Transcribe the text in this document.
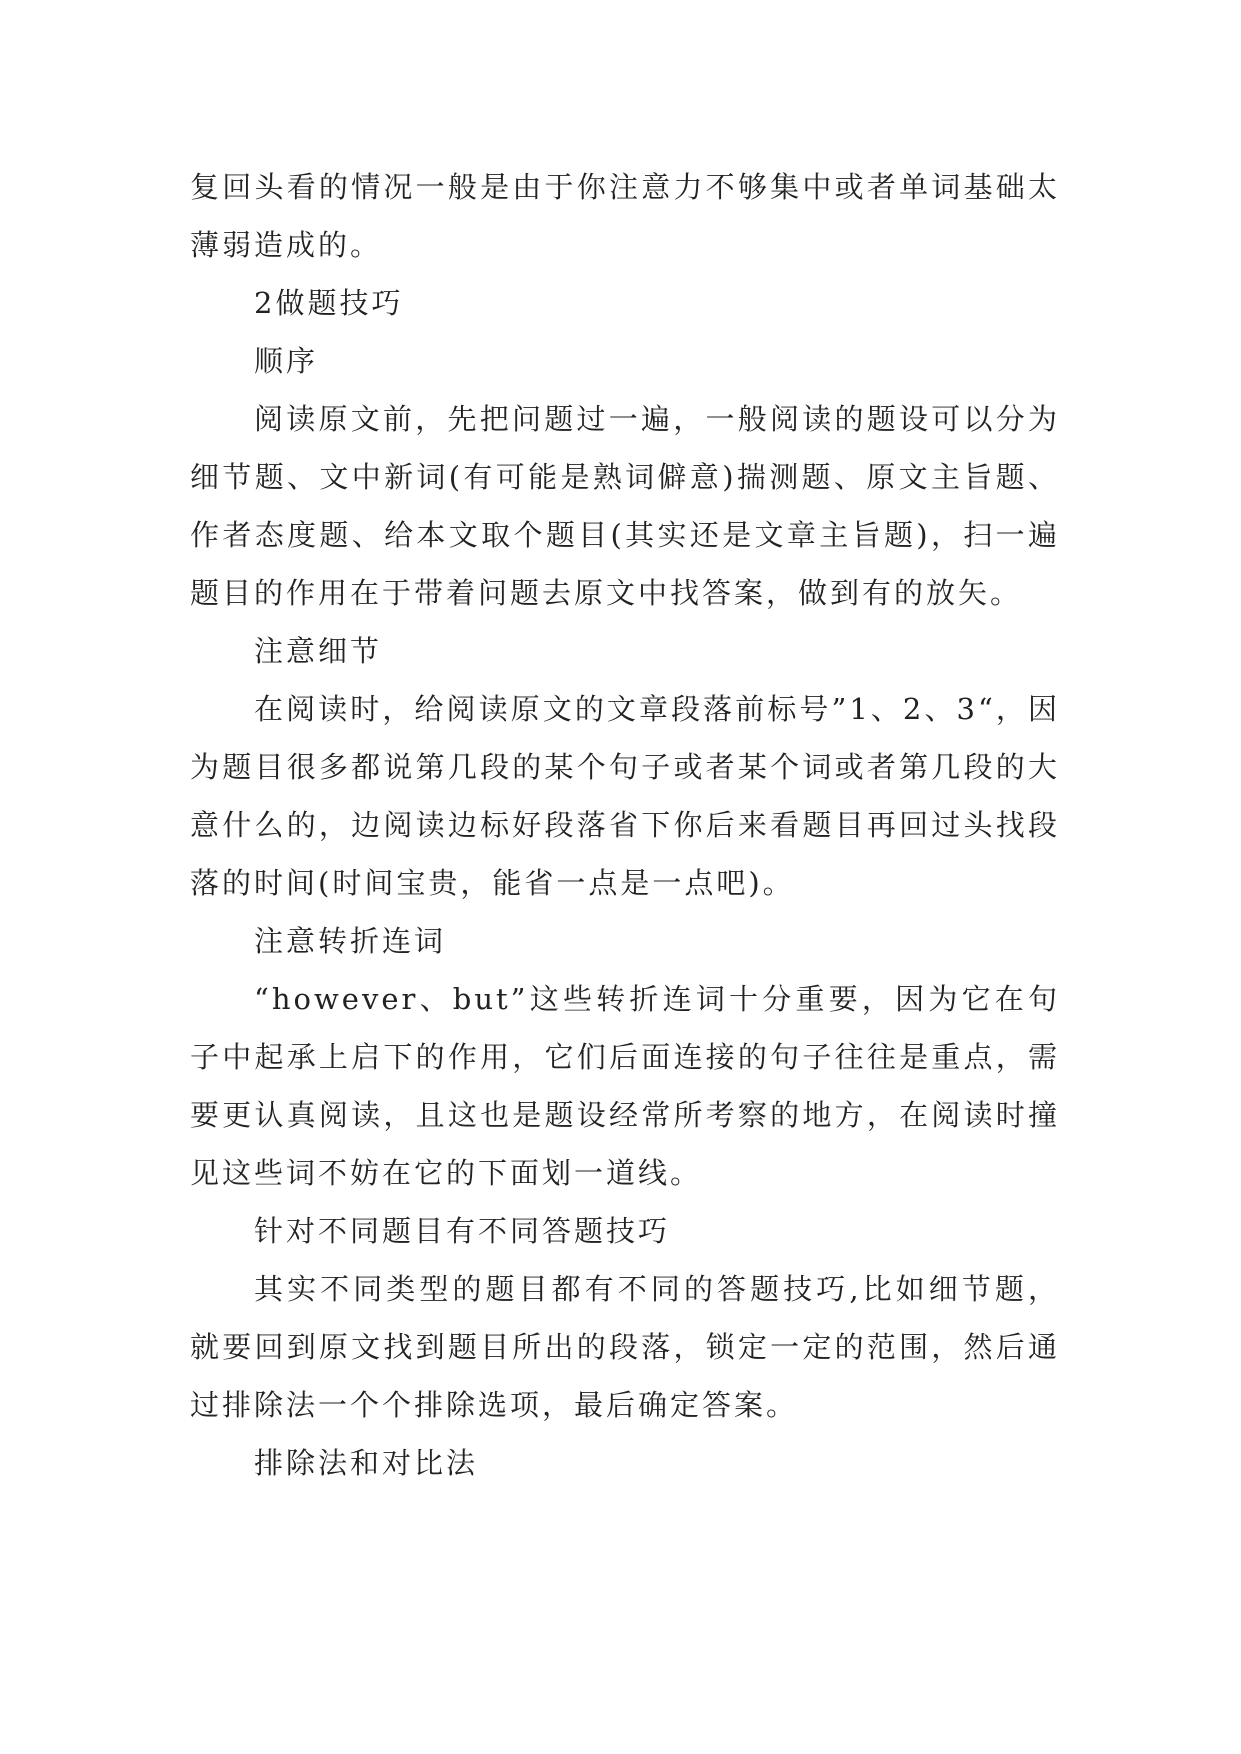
复回头看的情况一般是由于你注意力不够集中或者单词基础太薄弱造成的。

2做题技巧

顺序

阅读原文前，先把问题过一遍，一般阅读的题设可以分为细节题、文中新词(有可能是熟词僻意)揣测题、原文主旨题、作者态度题、给本文取个题目(其实还是文章主旨题)，扫一遍题目的作用在于带着问题去原文中找答案，做到有的放矢。

注意细节

在阅读时，给阅读原文的文章段落前标号”1、2、3“，因为题目很多都说第几段的某个句子或者某个词或者第几段的大意什么的，边阅读边标好段落省下你后来看题目再回过头找段落的时间(时间宝贵，能省一点是一点吧)。

注意转折连词

“however、but”这些转折连词十分重要，因为它在句子中起承上启下的作用，它们后面连接的句子往往是重点，需要更认真阅读，且这也是题设经常所考察的地方，在阅读时撞见这些词不妨在它的下面划一道线。

针对不同题目有不同答题技巧

其实不同类型的题目都有不同的答题技巧,比如细节题，就要回到原文找到题目所出的段落，锁定一定的范围，然后通过排除法一个个排除选项，最后确定答案。

排除法和对比法
